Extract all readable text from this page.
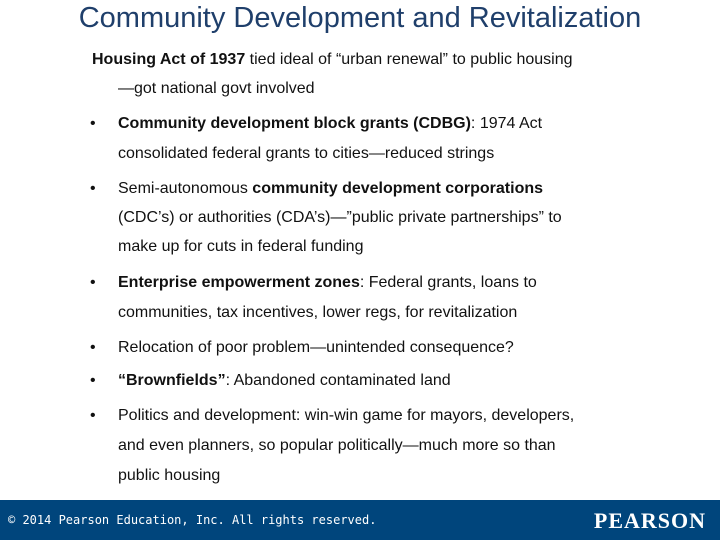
Community Development and Revitalization
Housing Act of 1937 tied ideal of “urban renewal” to public housing
—got national govt involved
• Community development block grants (CDBG): 1974 Act
consolidated federal grants to cities—reduced strings
• Semi-autonomous community development corporations
(CDC’s) or authorities (CDA’s)—”public private partnerships” to
make up for cuts in federal funding
• Enterprise empowerment zones: Federal grants, loans to
communities, tax incentives, lower regs, for revitalization
• Relocation of poor problem—unintended consequence?
• “Brownfields”: Abandoned contaminated land
• Politics and development: win-win game for mayors, developers,
and even planners, so popular politically—much more so than
public housing
© 2014 Pearson Education, Inc. All rights reserved.	PEARSON
